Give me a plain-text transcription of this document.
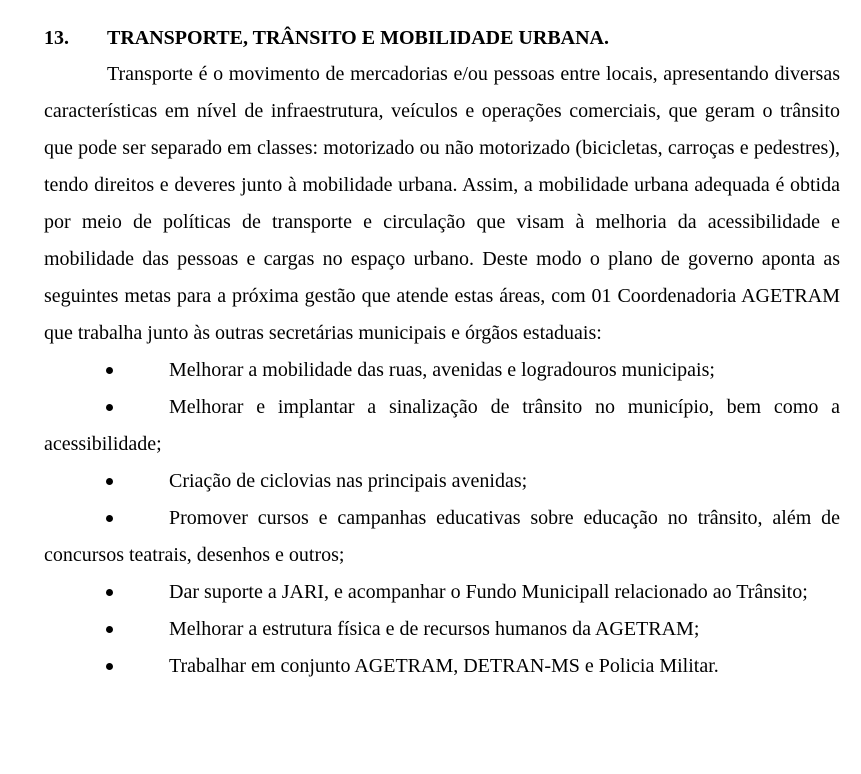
13.	TRANSPORTE, TRÂNSITO E MOBILIDADE URBANA.

Transporte é o movimento de mercadorias e/ou pessoas entre locais, apresentando diversas características em nível de infraestrutura, veículos e operações comerciais, que geram o trânsito que pode ser separado em classes: motorizado ou não motorizado (bicicletas, carroças e pedestres), tendo direitos e deveres junto à mobilidade urbana. Assim, a mobilidade urbana adequada é obtida por meio de políticas de transporte e circulação que visam à melhoria da acessibilidade e mobilidade das pessoas e cargas no espaço urbano. Deste modo o plano de governo aponta as seguintes metas para a próxima gestão que atende estas áreas, com 01 Coordenadoria AGETRAM que trabalha junto às outras secretárias municipais e órgãos estaduais:

Melhorar a mobilidade das ruas, avenidas e logradouros municipais;
Melhorar e implantar a sinalização de trânsito no município, bem como a acessibilidade;
Criação de ciclovias nas principais avenidas;
Promover cursos e campanhas educativas sobre educação no trânsito, além de concursos teatrais, desenhos e outros;
Dar suporte a JARI, e acompanhar o Fundo Municipall relacionado ao Trânsito;
Melhorar a estrutura física e de recursos humanos da AGETRAM;
Trabalhar em conjunto AGETRAM, DETRAN-MS e Policia Militar.
